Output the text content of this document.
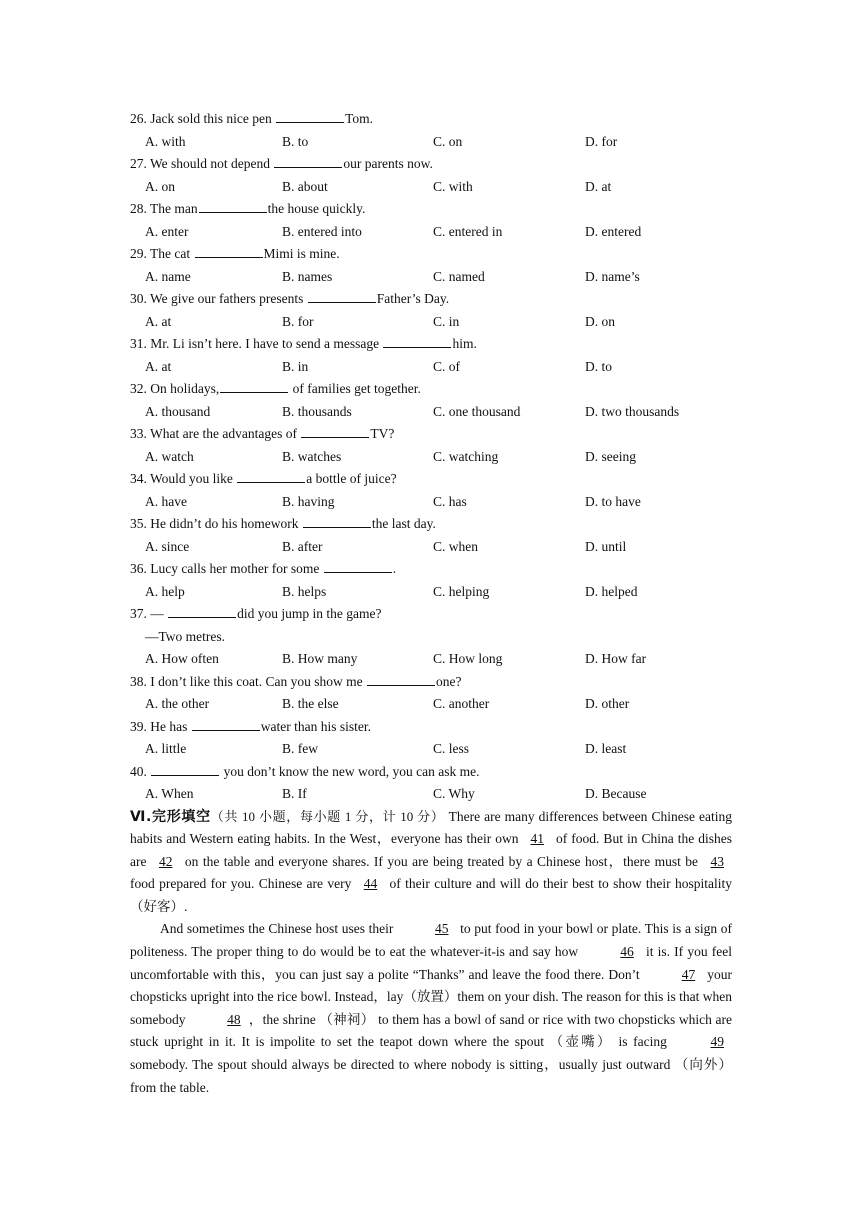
26. Jack sold this nice pen	Tom.
A. with	B. to	C. on	D. for
27. We should not depend	our parents now.
A. on	B. about	C. with	D. at
28. The man	the house quickly.
A. enter	B. entered into	C. entered in	D. entered
29. The cat	Mimi is mine.
A. name	B. names	C. named	D. name’s
30. We give our fathers presents	Father’s Day.
A. at	B. for	C. in	D. on
31. Mr. Li isn’t here. I have to send a message	him.
A. at	B. in	C. of	D. to
32. On holidays,	of families get together.
A. thousand	B. thousands	C. one thousand	D. two thousands
33. What are the advantages of	TV?
A. watch	B. watches	C. watching	D. seeing
34. Would you like	a bottle of juice?
A. have	B. having	C. has	D. to have
35. He didn’t do his homework	the last day.
A. since	B. after	C. when	D. until
36. Lucy calls her mother for some	.
A. help	B. helps	C. helping	D. helped
37. —	did you jump in the game?
—Two metres.
A. How often	B. How many	C. How long	D. How far
38. I don’t like this coat. Can you show me	one?
A. the other	B. the else	C. another	D. other
39. He has	water than his sister.
A. little	B. few	C. less	D. least
40.	you don’t know the new word, you can ask me.
A. When	B. If	C. Why	D. Because
Ⅵ.完形填空（共 10 小题，每小题 1 分，计 10 分） There are many differences between Chinese eating habits and Western eating habits. In the West，everyone has their own 41 of food. But in China the dishes are 42 on the table and everyone shares. If you are being treated by a Chinese host，there must be 43 food prepared for you. Chinese are very 44 of their culture and will do their best to show their hospitality （好客）.

And sometimes the Chinese host uses their	45 to put food in your bowl or plate. This is a sign of politeness. The proper thing to do would be to eat the whatever-it-is and say how	46 it is. If you feel uncomfortable with this，you can just say a polite “Thanks” and leave the food there. Don’t	47 your chopsticks upright into the rice bowl. Instead，lay（放置）them on your dish. The reason for this is that when somebody	48 ，the shrine （神祠） to them has a bowl of sand or rice with two chopsticks which are stuck upright in it. It is impolite to set the teapot down where the spout （壶嘴） is facing	49 somebody. The spout should always be directed to where nobody is sitting，usually just outward （向外） from the table.
